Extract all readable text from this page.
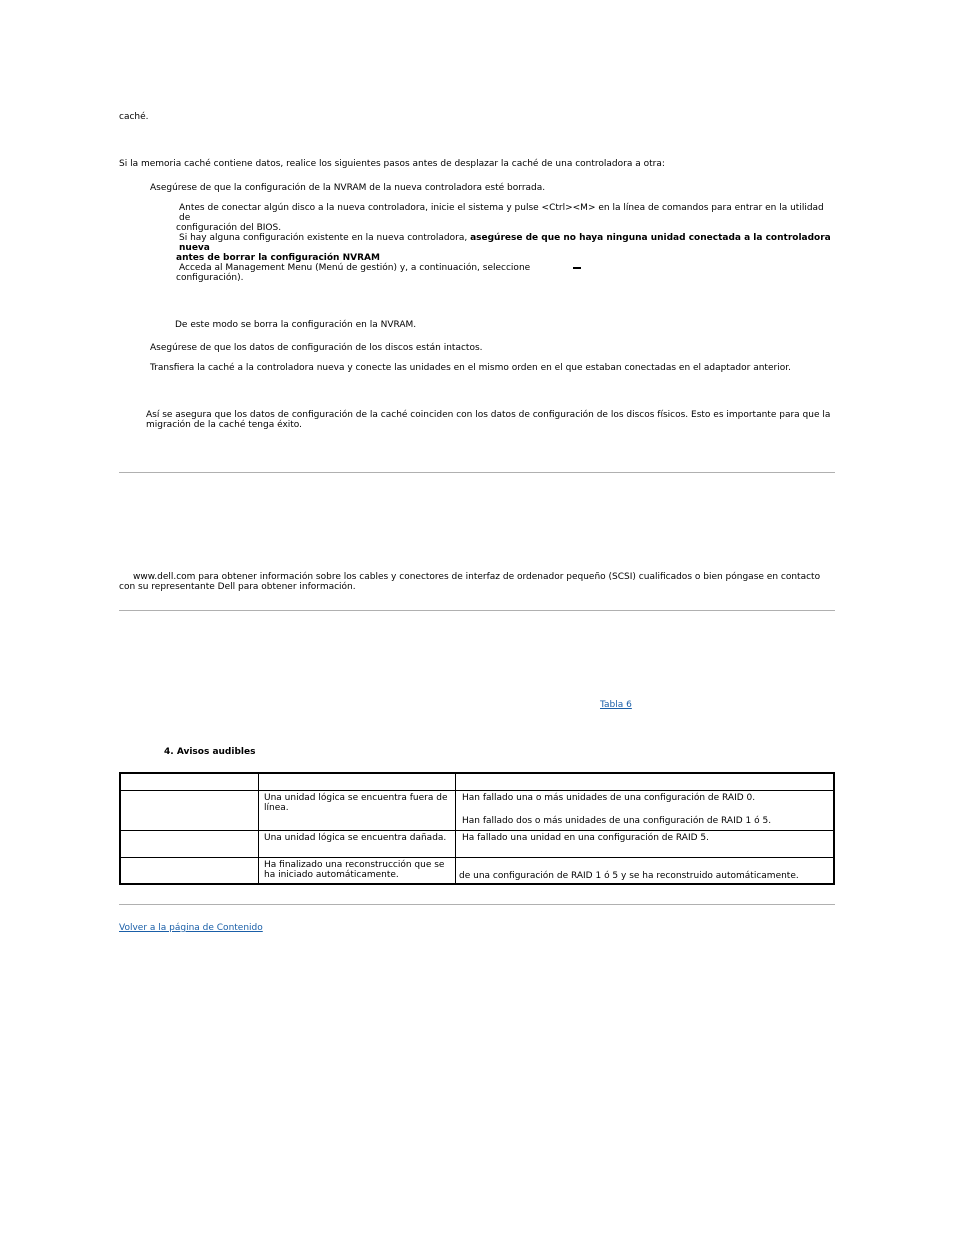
caché.
Si la memoria caché contiene datos, realice los siguientes pasos antes de desplazar la caché de una controladora a otra:
Asegúrese de que la configuración de la NVRAM de la nueva controladora esté borrada.
Antes de conectar algún disco a la nueva controladora, inicie el sistema y pulse <Ctrl><M> en la línea de comandos para entrar en la utilidad de
configuración del BIOS.
Si hay alguna configuración existente en la nueva controladora, asegúrese de que no haya ninguna unidad conectada a la controladora nueva
antes de borrar la configuración NVRAM
Acceda al Management Menu (Menú de gestión) y, a continuación, seleccione
configuración).
De este modo se borra la configuración en la NVRAM.
Asegúrese de que los datos de configuración de los discos están intactos.
Transfiera la caché a la controladora nueva y conecte las unidades en el mismo orden en el que estaban conectadas en el adaptador anterior.
Así se asegura que los datos de configuración de la caché coinciden con los datos de configuración de los discos físicos. Esto es importante para que la
migración de la caché tenga éxito.
www.dell.com para obtener información sobre los cables y conectores de interfaz de ordenador pequeño (SCSI) cualificados o bien póngase en contacto
con su representante Dell para obtener información.
Tabla 6
4. Avisos audibles

	Una unidad lógica se encuentra fuera de línea.	Han fallado una o más unidades de una configuración de RAID 0.
Han fallado dos o más unidades de una configuración de RAID 1 ó 5.

	Una unidad lógica se encuentra dañada.	Ha fallado una unidad en una configuración de RAID 5.

	Ha finalizado una reconstrucción que se ha iniciado automáticamente.	de una configuración de RAID 1 ó 5 y se ha reconstruido automáticamente.
Volver a la página de Contenido
